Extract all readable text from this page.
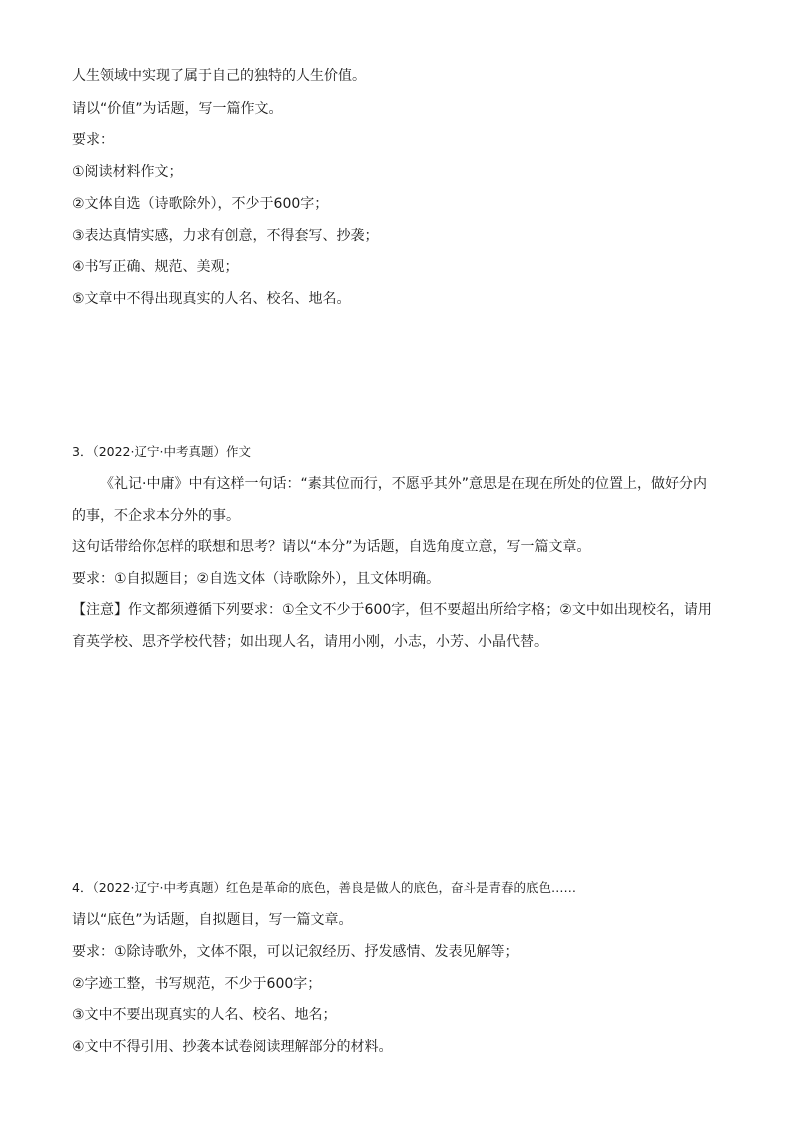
人生领域中实现了属于自己的独特的人生价值。
请以“价值”为话题，写一篇作文。
要求：
①阅读材料作文；
②文体自选（诗歌除外），不少于600字；
③表达真情实感，力求有创意，不得套写、抄袭；
④书写正确、规范、美观；
⑤文章中不得出现真实的人名、校名、地名。
3．（2022·辽宁·中考真题）作文
《礼记·中庸》中有这样一句话：“素其位而行，不愿乎其外”意思是在现在所处的位置上，做好分内
的事，不企求本分外的事。
这句话带给你怎样的联想和思考？请以“本分”为话题，自选角度立意，写一篇文章。
要求：①自拟题目；②自选文体（诗歌除外），且文体明确。
【注意】作文都须遵循下列要求：①全文不少于600字，但不要超出所给字格；②文中如出现校名，请用
育英学校、思齐学校代替；如出现人名，请用小刚，小志，小芳、小晶代替。
4．（2022·辽宁·中考真题）红色是革命的底色，善良是做人的底色，奋斗是青春的底色……
请以“底色”为话题，自拟题目，写一篇文章。
要求：①除诗歌外，文体不限，可以记叙经历、抒发感情、发表见解等；
②字迹工整，书写规范，不少于600字；
③文中不要出现真实的人名、校名、地名；
④文中不得引用、抄袭本试卷阅读理解部分的材料。
